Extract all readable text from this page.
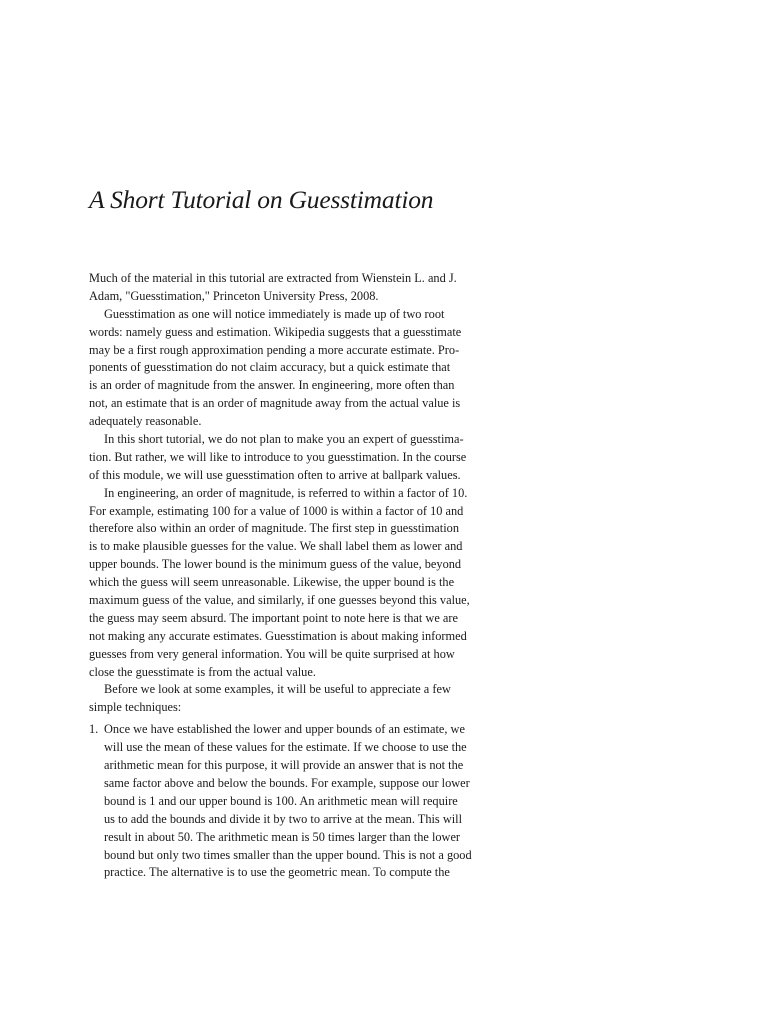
A Short Tutorial on Guesstimation
Much of the material in this tutorial are extracted from Wienstein L. and J.
Adam, "Guesstimation," Princeton University Press, 2008.
Guesstimation as one will notice immediately is made up of two root
words: namely guess and estimation. Wikipedia suggests that a guesstimate
may be a first rough approximation pending a more accurate estimate. Pro-
ponents of guesstimation do not claim accuracy, but a quick estimate that
is an order of magnitude from the answer. In engineering, more often than
not, an estimate that is an order of magnitude away from the actual value is
adequately reasonable.
In this short tutorial, we do not plan to make you an expert of guesstima-
tion. But rather, we will like to introduce to you guesstimation. In the course
of this module, we will use guesstimation often to arrive at ballpark values.
In engineering, an order of magnitude, is referred to within a factor of 10.
For example, estimating 100 for a value of 1000 is within a factor of 10 and
therefore also within an order of magnitude. The first step in guesstimation
is to make plausible guesses for the value. We shall label them as lower and
upper bounds. The lower bound is the minimum guess of the value, beyond
which the guess will seem unreasonable. Likewise, the upper bound is the
maximum guess of the value, and similarly, if one guesses beyond this value,
the guess may seem absurd. The important point to note here is that we are
not making any accurate estimates. Guesstimation is about making informed
guesses from very general information. You will be quite surprised at how
close the guesstimate is from the actual value.
Before we look at some examples, it will be useful to appreciate a few
simple techniques:
1. Once we have established the lower and upper bounds of an estimate, we
will use the mean of these values for the estimate. If we choose to use the
arithmetic mean for this purpose, it will provide an answer that is not the
same factor above and below the bounds. For example, suppose our lower
bound is 1 and our upper bound is 100. An arithmetic mean will require
us to add the bounds and divide it by two to arrive at the mean. This will
result in about 50. The arithmetic mean is 50 times larger than the lower
bound but only two times smaller than the upper bound. This is not a good
practice. The alternative is to use the geometric mean. To compute the
